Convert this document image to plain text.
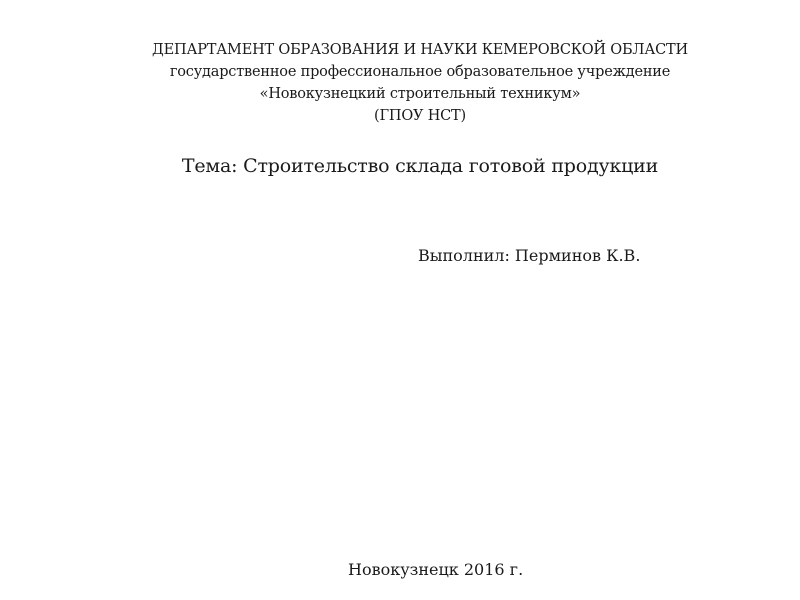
ДЕПАРТАМЕНТ ОБРАЗОВАНИЯ И НАУКИ КЕМЕРОВСКОЙ ОБЛАСТИ
государственное профессиональное образовательное учреждение
«Новокузнецкий строительный техникум»
(ГПОУ НСТ)
Тема: Строительство склада готовой продукции
Выполнил: Перминов К.В.
Новокузнецк 2016 г.
